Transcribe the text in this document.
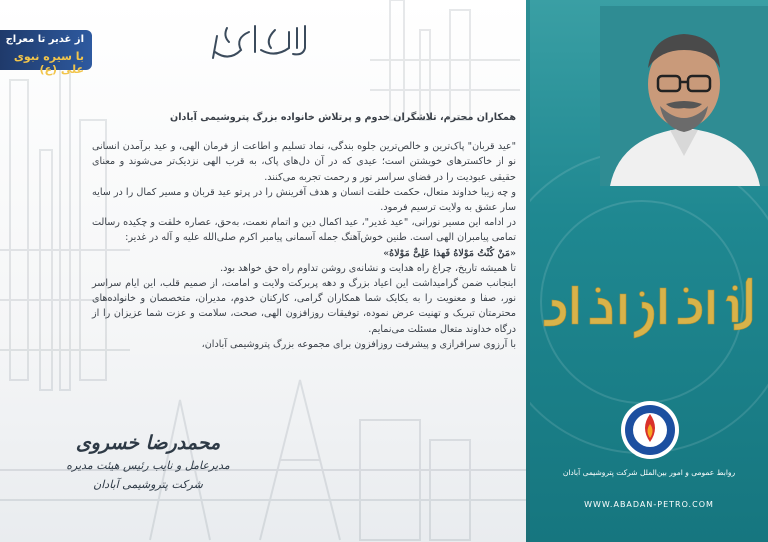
از غدیر تا معراج
با سیره نبوی علی (ع)

همکاران محترم، تلاشگران خدوم و پرتلاش خانواده بزرگ پتروشیمی آبادان

"عید قربان" پاک‌ترین و خالص‌ترین جلوه بندگی، نماد تسلیم و اطاعت از فرمان الهی، و عید برآمدن انسانی نو از خاکسترهای خویشتن است؛ عیدی که در آن دل‌های پاک، به قرب الهی نزدیک‌تر می‌شوند و معنای حقیقی عبودیت را در فضای سراسر نور و رحمت تجربه می‌کنند.

و چه زیبا خداوند متعال، حکمت خلقت انسان و هدف آفرینش را در پرتو عید قربان و مسیر کمال را در سایه سار عشق به ولایت ترسیم فرمود.

در ادامه این مسیر نورانی، "عید غدیر"، عید اکمال دین و اتمام نعمت، به‌حق، عصاره خلقت و چکیده رسالت تمامی پیامبران الهی است. طنین خوش‌آهنگ جمله آسمانی پیامبر اکرم صلی‌الله علیه و آله در غدیر:

«مَنْ کُنْتُ مَوْلاهُ فَهذا عَلِیٌّ مَوْلاهُ»

تا همیشه تاریخ، چراغ راه هدایت و نشانه‌ی روشن تداوم راه حق خواهد بود.

اینجانب ضمن گرامیداشت این اعیاد بزرگ و دهه پربرکت ولایت و امامت، از صمیم قلب، این ایام سراسر نور، صفا و معنویت را به یکایک شما همکاران گرامی، کارکنان خدوم، مدیران، متخصصان و خانواده‌های محترمتان تبریک و تهنیت عرض نموده، توفیقات روزافزون الهی، صحت، سلامت و عزت شما عزیزان را از درگاه خداوند متعال مسئلت می‌نمایم.

با آرزوی سرافرازی و پیشرفت روزافزون برای مجموعه بزرگ پتروشیمی آبادان،

محمدرضا خسروی
مدیرعامل و نایب رئیس هیئت مدیره
شرکت پتروشیمی آبادان
روابط عمومی و امور بین‌الملل شرکت پتروشیمی آبادان
WWW.ABADAN-PETRO.COM
